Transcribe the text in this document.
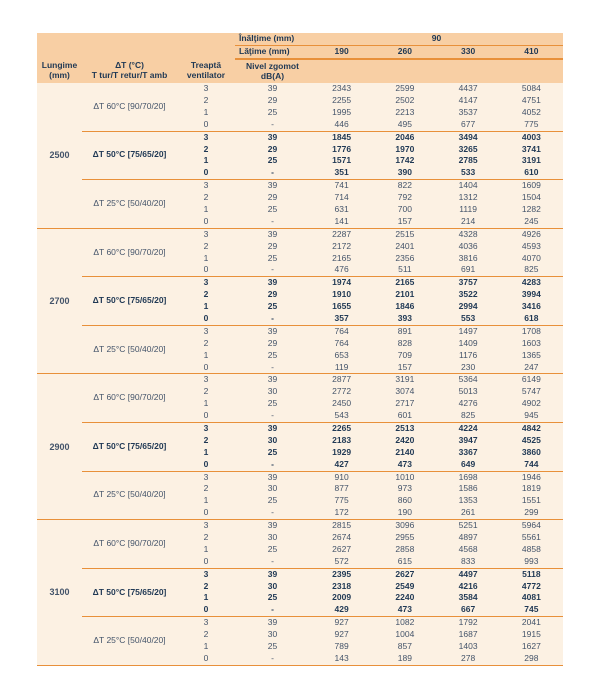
			Înălţime (mm)	90			
			Lăţime (mm)	190	260	330	410

Lungime
(mm)

ΔT (°C)
T tur/T retur/T amb

Treaptă
ventilator

Nivel zgomot
dB(A)

2500	ΔT 60°C [90/70/20]	3	39	2343	2599	4437	5084
		2	29	2255	2502	4147	4751
		1	25	1995	2213	3537	4052
		0	-	446	495	677	775
	ΔT 50°C [75/65/20]	3	39	1845	2046	3494	4003
		2	29	1776	1970	3265	3741
		1	25	1571	1742	2785	3191
		0	-	351	390	533	610
	ΔT 25°C [50/40/20]	3	39	741	822	1404	1609
		2	29	714	792	1312	1504
		1	25	631	700	1119	1282
		0	-	141	157	214	245
2700	ΔT 60°C [90/70/20]	3	39	2287	2515	4328	4926
		2	29	2172	2401	4036	4593
		1	25	2165	2356	3816	4070
		0	-	476	511	691	825
	ΔT 50°C [75/65/20]	3	39	1974	2165	3757	4283
		2	29	1910	2101	3522	3994
		1	25	1655	1846	2994	3416
		0	-	357	393	553	618
	ΔT 25°C [50/40/20]	3	39	764	891	1497	1708
		2	29	764	828	1409	1603
		1	25	653	709	1176	1365
		0	-	119	157	230	247
2900	ΔT 60°C [90/70/20]	3	39	2877	3191	5364	6149
		2	30	2772	3074	5013	5747
		1	25	2450	2717	4276	4902
		0	-	543	601	825	945
	ΔT 50°C [75/65/20]	3	39	2265	2513	4224	4842
		2	30	2183	2420	3947	4525
		1	25	1929	2140	3367	3860
		0	-	427	473	649	744
	ΔT 25°C [50/40/20]	3	39	910	1010	1698	1946
		2	30	877	973	1586	1819
		1	25	775	860	1353	1551
		0	-	172	190	261	299
3100	ΔT 60°C [90/70/20]	3	39	2815	3096	5251	5964
		2	30	2674	2955	4897	5561
		1	25	2627	2858	4568	4858
		0	-	572	615	833	993
	ΔT 50°C [75/65/20]	3	39	2395	2627	4497	5118
		2	30	2318	2549	4216	4772
		1	25	2009	2240	3584	4081
		0	-	429	473	667	745
	ΔT 25°C [50/40/20]	3	39	927	1082	1792	2041
		2	30	927	1004	1687	1915
		1	25	789	857	1403	1627
		0	-	143	189	278	298
